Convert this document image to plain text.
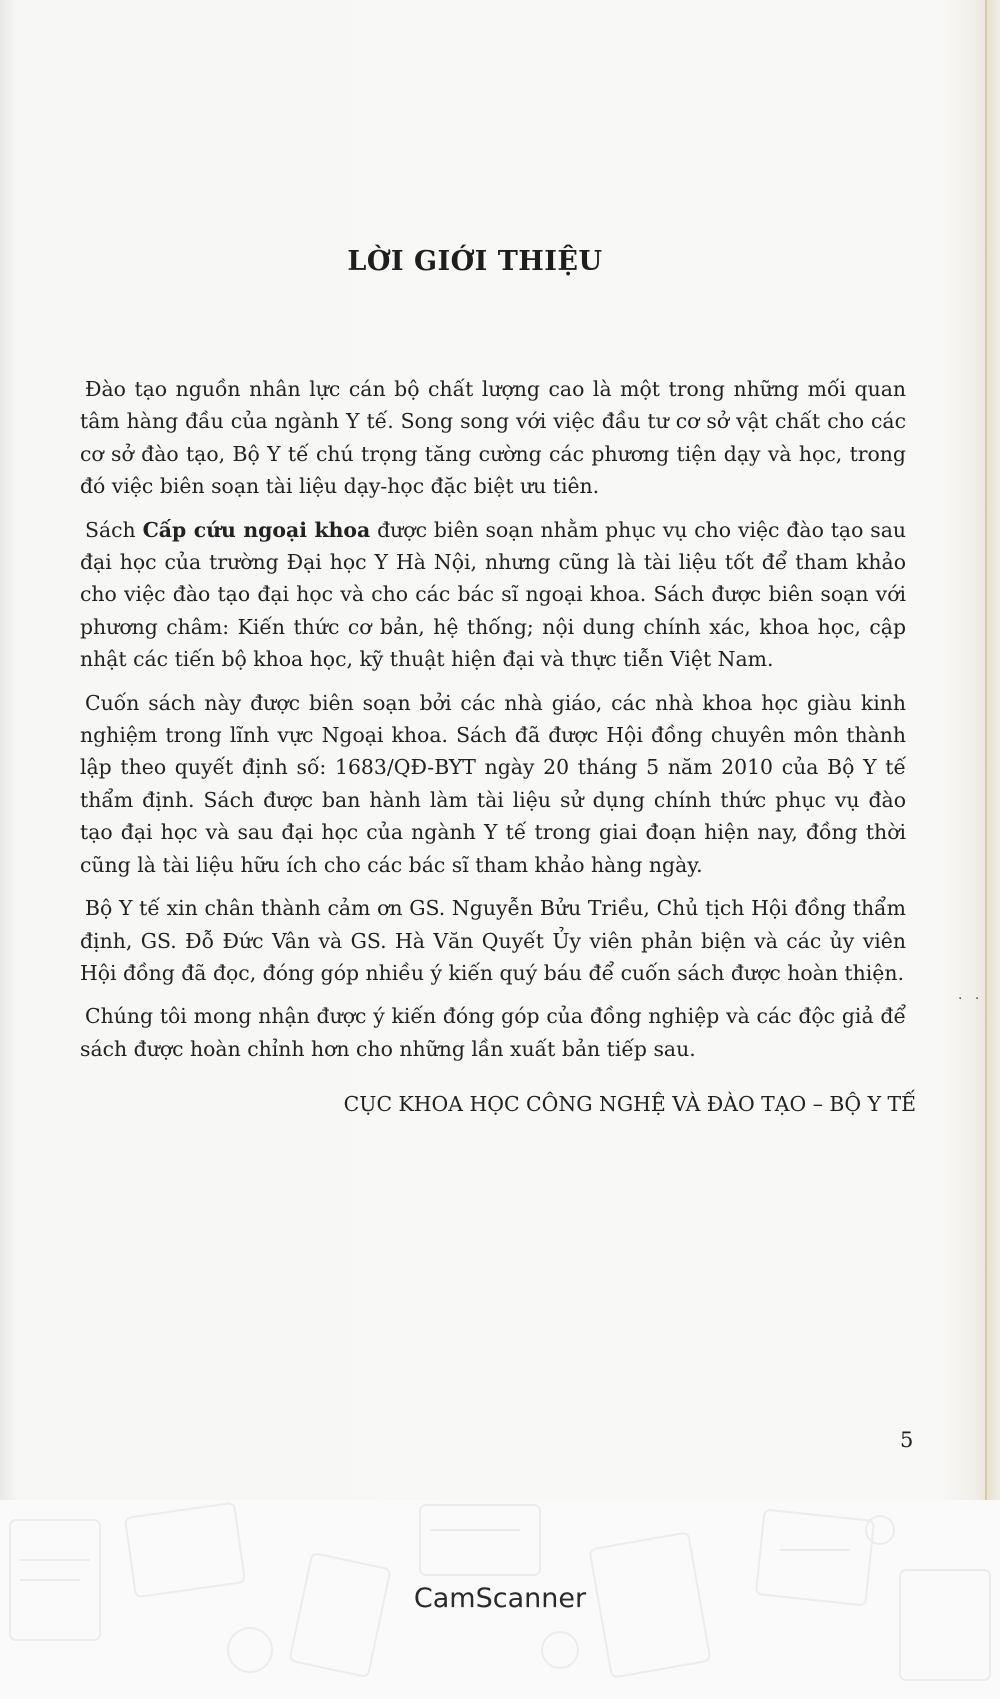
LỜI GIỚI THIỆU

Đào tạo nguồn nhân lực cán bộ chất lượng cao là một trong những mối quan tâm hàng đầu của ngành Y tế. Song song với việc đầu tư cơ sở vật chất cho các cơ sở đào tạo, Bộ Y tế chú trọng tăng cường các phương tiện dạy và học, trong đó việc biên soạn tài liệu dạy-học đặc biệt ưu tiên.

Sách Cấp cứu ngoại khoa được biên soạn nhằm phục vụ cho việc đào tạo sau đại học của trường Đại học Y Hà Nội, nhưng cũng là tài liệu tốt để tham khảo cho việc đào tạo đại học và cho các bác sĩ ngoại khoa. Sách được biên soạn với phương châm: Kiến thức cơ bản, hệ thống; nội dung chính xác, khoa học, cập nhật các tiến bộ khoa học, kỹ thuật hiện đại và thực tiễn Việt Nam.

Cuốn sách này được biên soạn bởi các nhà giáo, các nhà khoa học giàu kinh nghiệm trong lĩnh vực Ngoại khoa. Sách đã được Hội đồng chuyên môn thành lập theo quyết định số: 1683/QĐ-BYT ngày 20 tháng 5 năm 2010 của Bộ Y tế thẩm định. Sách được ban hành làm tài liệu sử dụng chính thức phục vụ đào tạo đại học và sau đại học của ngành Y tế trong giai đoạn hiện nay, đồng thời cũng là tài liệu hữu ích cho các bác sĩ tham khảo hàng ngày.

Bộ Y tế xin chân thành cảm ơn GS. Nguyễn Bửu Triều, Chủ tịch Hội đồng thẩm định, GS. Đỗ Đức Vân và GS. Hà Văn Quyết Ủy viên phản biện và các ủy viên Hội đồng đã đọc, đóng góp nhiều ý kiến quý báu để cuốn sách được hoàn thiện.

Chúng tôi mong nhận được ý kiến đóng góp của đồng nghiệp và các độc giả để sách được hoàn chỉnh hơn cho những lần xuất bản tiếp sau.

CỤC KHOA HỌC CÔNG NGHỆ VÀ ĐÀO TẠO – BỘ Y TẾ
· ·
5
CamScanner
